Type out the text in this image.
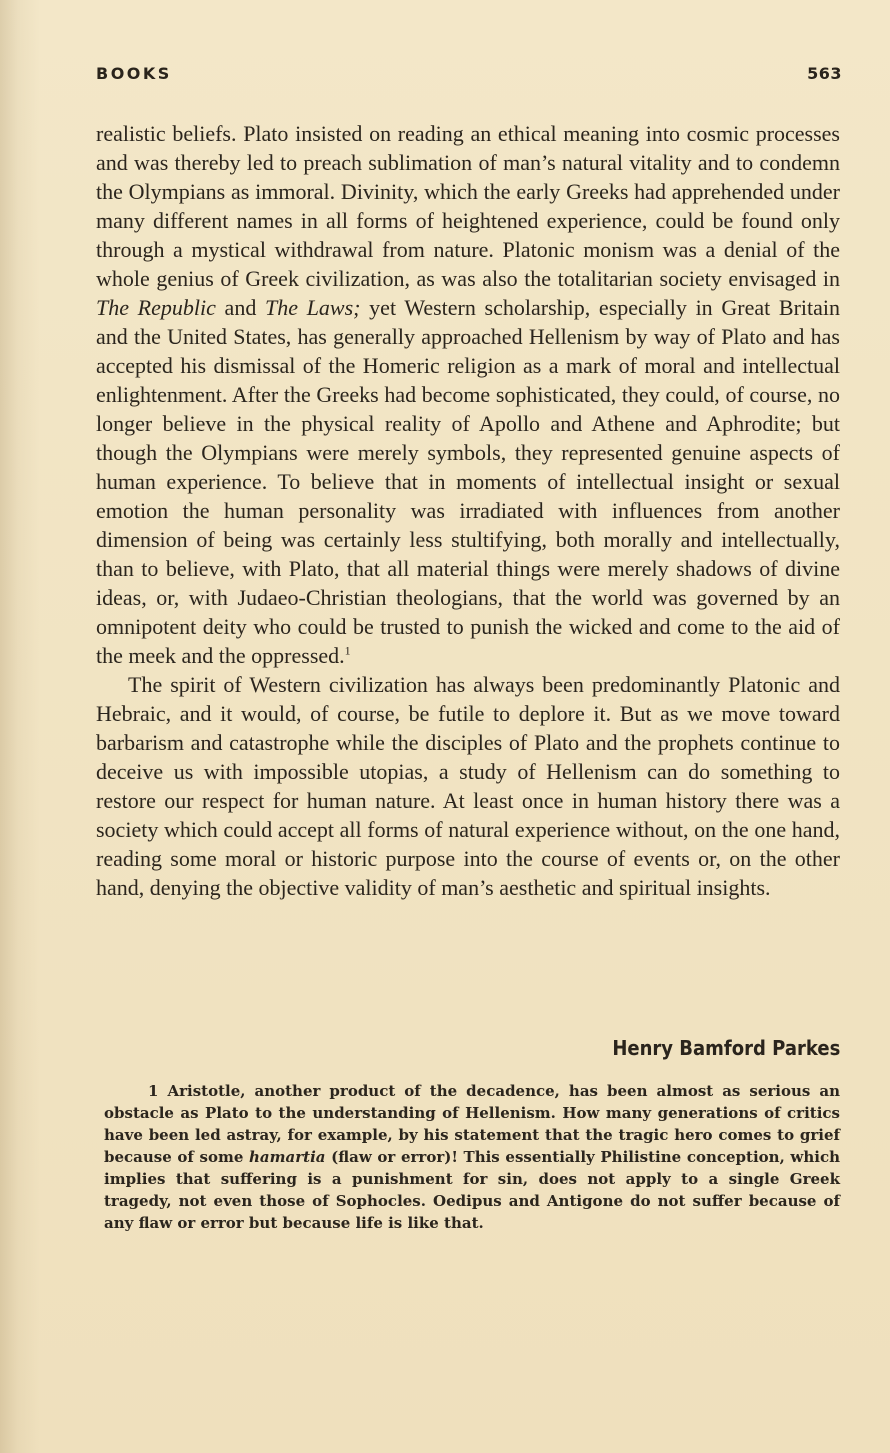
BOOKS	563

realistic beliefs. Plato insisted on reading an ethical meaning into cosmic processes and was thereby led to preach sublimation of man’s natural vitality and to condemn the Olympians as immoral. Divinity, which the early Greeks had apprehended under many different names in all forms of heightened experience, could be found only through a mystical withdrawal from nature. Platonic monism was a denial of the whole genius of Greek civilization, as was also the totalitarian society envisaged in The Republic and The Laws; yet Western scholarship, especially in Great Britain and the United States, has generally approached Hellenism by way of Plato and has accepted his dismissal of the Homeric religion as a mark of moral and intellectual enlightenment. After the Greeks had become sophisticated, they could, of course, no longer believe in the physical reality of Apollo and Athene and Aphrodite; but though the Olympians were merely symbols, they represented genuine aspects of human experience. To believe that in moments of intellectual insight or sexual emotion the human personality was irradiated with influences from another dimension of being was certainly less stultifying, both morally and intellectually, than to believe, with Plato, that all material things were merely shadows of divine ideas, or, with Judaeo-Christian theologians, that the world was governed by an omnipotent deity who could be trusted to punish the wicked and come to the aid of the meek and the oppressed.$^1$

The spirit of Western civilization has always been predominantly Platonic and Hebraic, and it would, of course, be futile to deplore it. But as we move toward barbarism and catastrophe while the disciples of Plato and the prophets continue to deceive us with impossible utopias, a study of Hellenism can do something to restore our respect for human nature. At least once in human history there was a society which could accept all forms of natural experience without, on the one hand, reading some moral or historic purpose into the course of events or, on the other hand, denying the objective validity of man’s aesthetic and spiritual insights.

Henry Bamford Parkes

1 Aristotle, another product of the decadence, has been almost as serious an obstacle as Plato to the understanding of Hellenism. How many generations of critics have been led astray, for example, by his statement that the tragic hero comes to grief because of some hamartia (flaw or error)! This essentially Philistine conception, which implies that suffering is a punishment for sin, does not apply to a single Greek tragedy, not even those of Sophocles. Oedipus and Antigone do not suffer because of any flaw or error but because life is like that.
